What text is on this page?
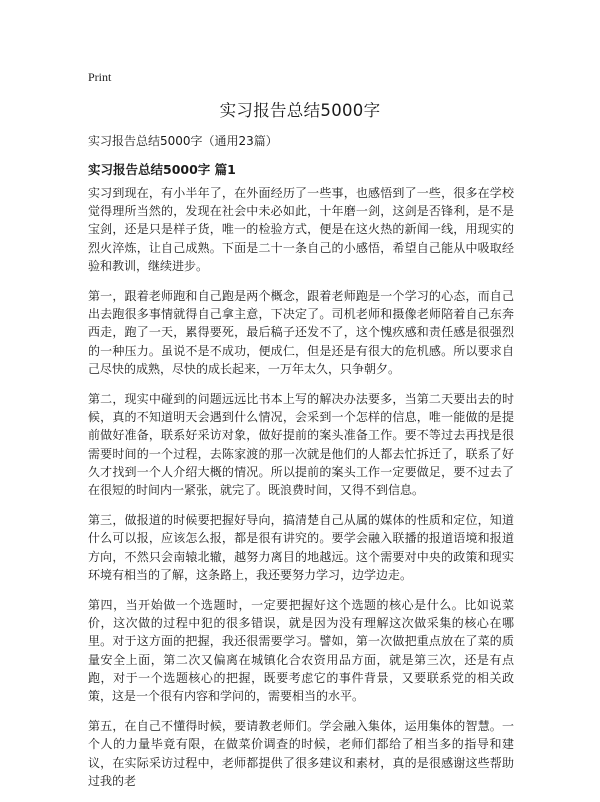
Print
实习报告总结5000字

实习报告总结5000字（通用23篇）

实习报告总结5000字 篇1

实习到现在，有小半年了，在外面经历了一些事，也感悟到了一些，很多在学校觉得理所当然的，发现在社会中未必如此，十年磨一剑，这剑是否锋利，是不是宝剑，还是只是样子货，唯一的检验方式，便是在这火热的新闻一线，用现实的烈火淬炼，让自己成熟。下面是二十一条自己的小感悟，希望自己能从中吸取经验和教训，继续进步。

第一，跟着老师跑和自己跑是两个概念，跟着老师跑是一个学习的心态，而自己出去跑很多事情就得自己拿主意，下决定了。司机老师和摄像老师陪着自己东奔西走，跑了一天，累得要死，最后稿子还发不了，这个愧疚感和责任感是很强烈的一种压力。虽说不是不成功，便成仁，但是还是有很大的危机感。所以要求自己尽快的成熟，尽快的成长起来，一万年太久，只争朝夕。

第二，现实中碰到的问题远远比书本上写的解决办法要多，当第二天要出去的时候，真的不知道明天会遇到什么情况，会采到一个怎样的信息，唯一能做的是提前做好准备，联系好采访对象，做好提前的案头准备工作。要不等过去再找是很需要时间的一个过程，去陈家渡的那一次就是他们的人都去忙拆迁了，联系了好久才找到一个人介绍大概的情况。所以提前的案头工作一定要做足，要不过去了在很短的时间内一紧张，就完了。既浪费时间，又得不到信息。

第三，做报道的时候要把握好导向，搞清楚自己从属的媒体的性质和定位，知道什么可以报，应该怎么报，都是很有讲究的。要学会融入联播的报道语境和报道方向，不然只会南辕北辙，越努力离目的地越远。这个需要对中央的政策和现实环境有相当的了解，这条路上，我还要努力学习，边学边走。

第四，当开始做一个选题时，一定要把握好这个选题的核心是什么。比如说菜价，这次做的过程中犯的很多错误，就是因为没有理解这次做采集的核心在哪里。对于这方面的把握，我还很需要学习。譬如，第一次做把重点放在了菜的质量安全上面，第二次又偏离在城镇化合农资用品方面，就是第三次，还是有点跑，对于一个选题核心的把握，既要考虑它的事件背景，又要联系党的相关政策，这是一个很有内容和学问的，需要相当的水平。

第五，在自己不懂得时候，要请教老师们。学会融入集体，运用集体的智慧。一个人的力量毕竟有限，在做菜价调查的时候，老师们都给了相当多的指导和建议，在实际采访过程中，老师都提供了很多建议和素材，真的是很感谢这些帮助过我的老
